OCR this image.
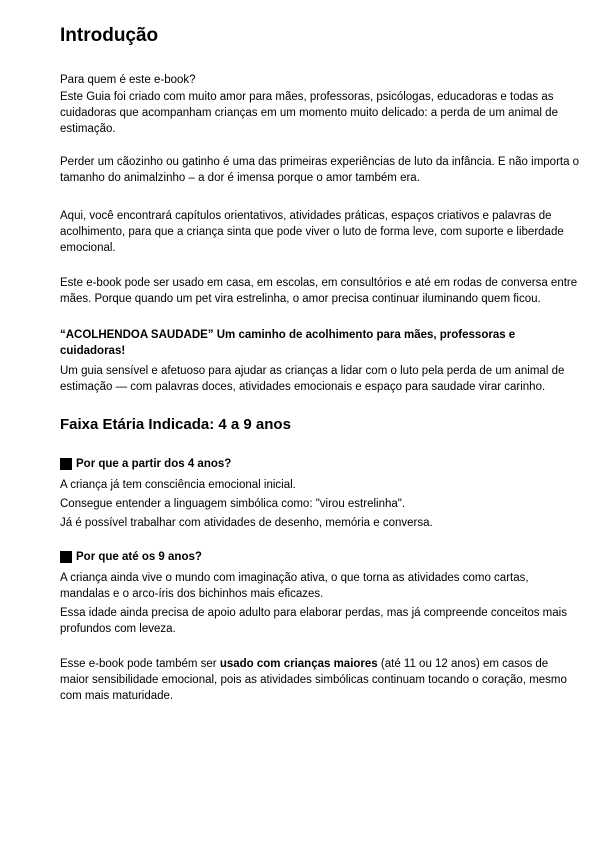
Introdução

Para quem é este e-book?

Este Guia foi criado com muito amor para mães, professoras, psicólogas, educadoras e todas as cuidadoras que acompanham crianças em um momento muito delicado: a perda de um animal de estimação.

Perder um cãozinho ou gatinho é uma das primeiras experiências de luto da infância. E não importa o tamanho do animalzinho – a dor é imensa porque o amor também era.

Aqui, você encontrará capítulos orientativos, atividades práticas, espaços criativos e palavras de acolhimento, para que a criança sinta que pode viver o luto de forma leve, com suporte e liberdade emocional.

Este e-book pode ser usado em casa, em escolas, em consultórios e até em rodas de conversa entre mães. Porque quando um pet vira estrelinha, o amor precisa continuar iluminando quem ficou.

“ACOLHENDOA SAUDADE” Um caminho de acolhimento para mães, professoras e cuidadoras!

Um guia sensível e afetuoso para ajudar as crianças a lidar com o luto pela perda de um animal de estimação — com palavras doces, atividades emocionais e espaço para saudade virar carinho.

Faixa Etária Indicada: 4 a 9 anos
Por que a partir dos 4 anos?

A criança já tem consciência emocional inicial.

Consegue entender a linguagem simbólica como: "virou estrelinha".

Já é possível trabalhar com atividades de desenho, memória e conversa.

Por que até os 9 anos?

A criança ainda vive o mundo com imaginação ativa, o que torna as atividades como cartas, mandalas e o arco-íris dos bichinhos mais eficazes.

Essa idade ainda precisa de apoio adulto para elaborar perdas, mas já compreende conceitos mais profundos com leveza.

Esse e-book pode também ser usado com crianças maiores (até 11 ou 12 anos) em casos de maior sensibilidade emocional, pois as atividades simbólicas continuam tocando o coração, mesmo com mais maturidade.
